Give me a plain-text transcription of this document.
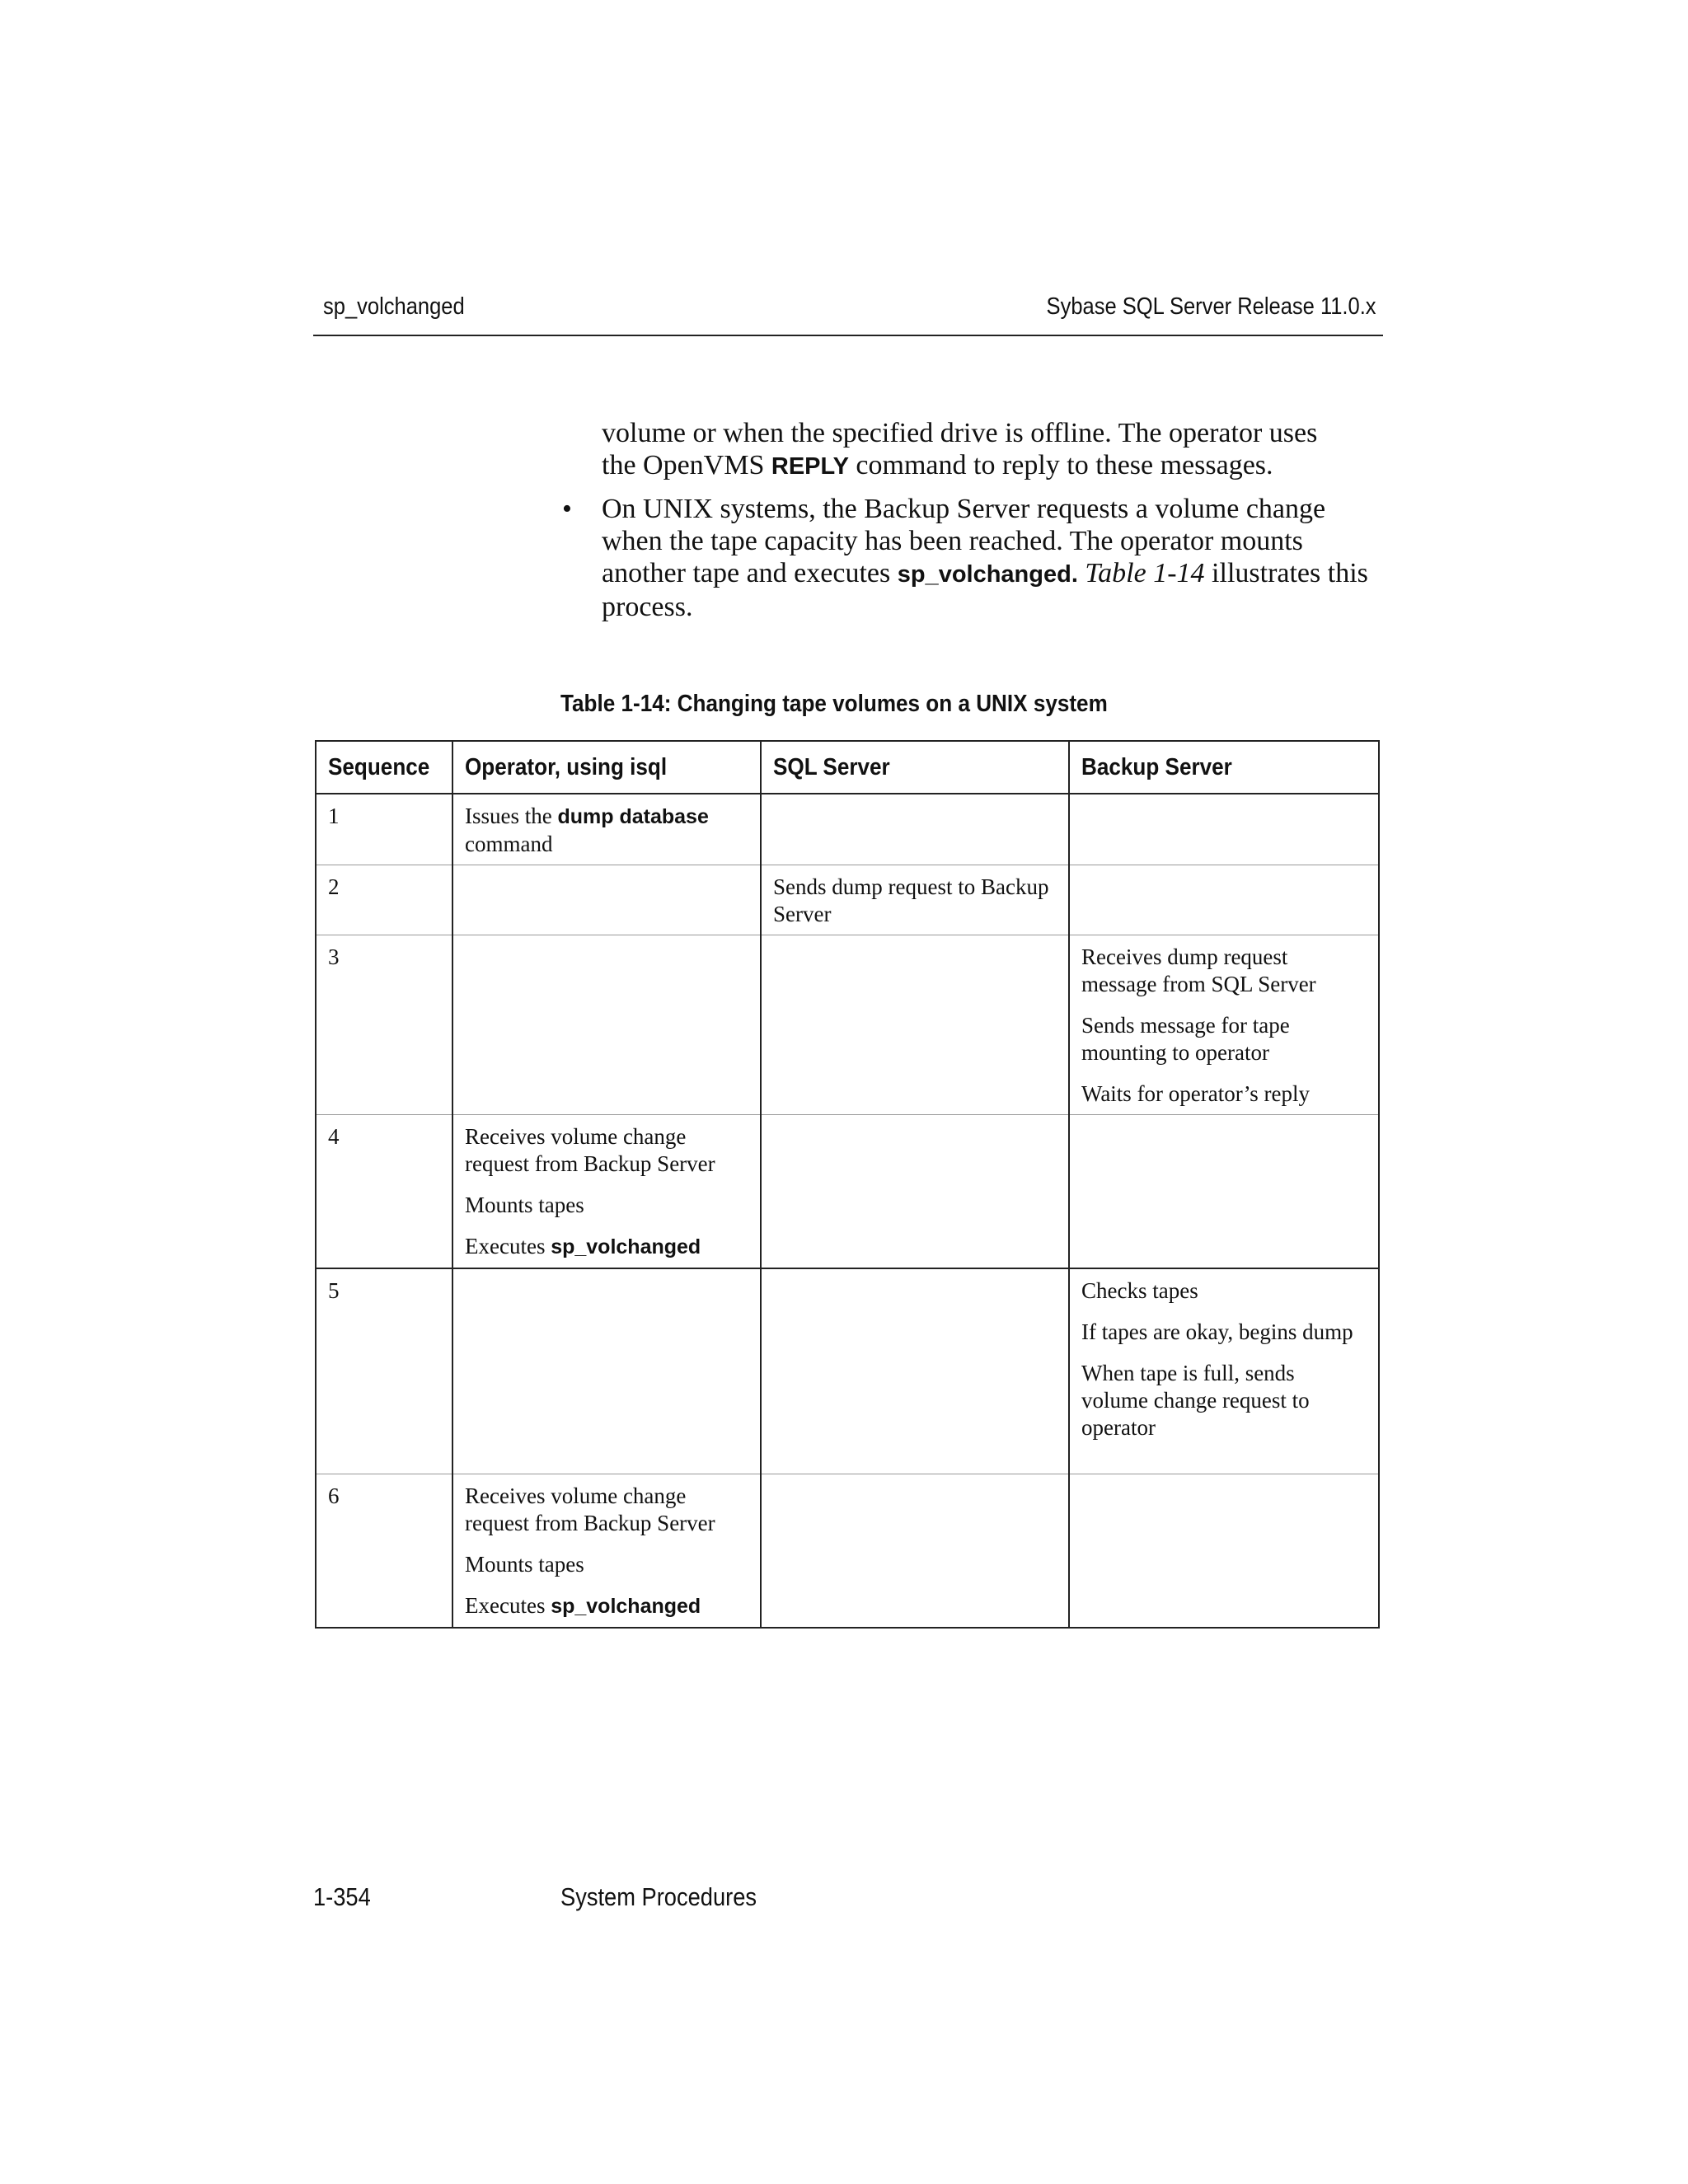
sp_volchanged	Sybase SQL Server Release 11.0.x
volume or when the specified drive is offline. The operator uses
the OpenVMS REPLY command to reply to these messages.
• On UNIX systems, the Backup Server requests a volume change when the tape capacity has been reached. The operator mounts another tape and executes sp_volchanged. Table 1-14 illustrates this process.
Table 1-14: Changing tape volumes on a UNIX system
Sequence	Operator, using isql	SQL Server	Backup Server
1	Issues the dump database
command		
2		Sends dump request to Backup Server	

3			Receives dump request message from SQL Server
Sends message for tape mounting to operator
Waits for operator’s reply

4	Receives volume change request from Backup Server
Mounts tapes
Executes sp_volchanged		

5			Checks tapes
If tapes are okay, begins dump
When tape is full, sends volume change request to operator

6	Receives volume change request from Backup Server
Mounts tapes
Executes sp_volchanged		

1-354	System Procedures
